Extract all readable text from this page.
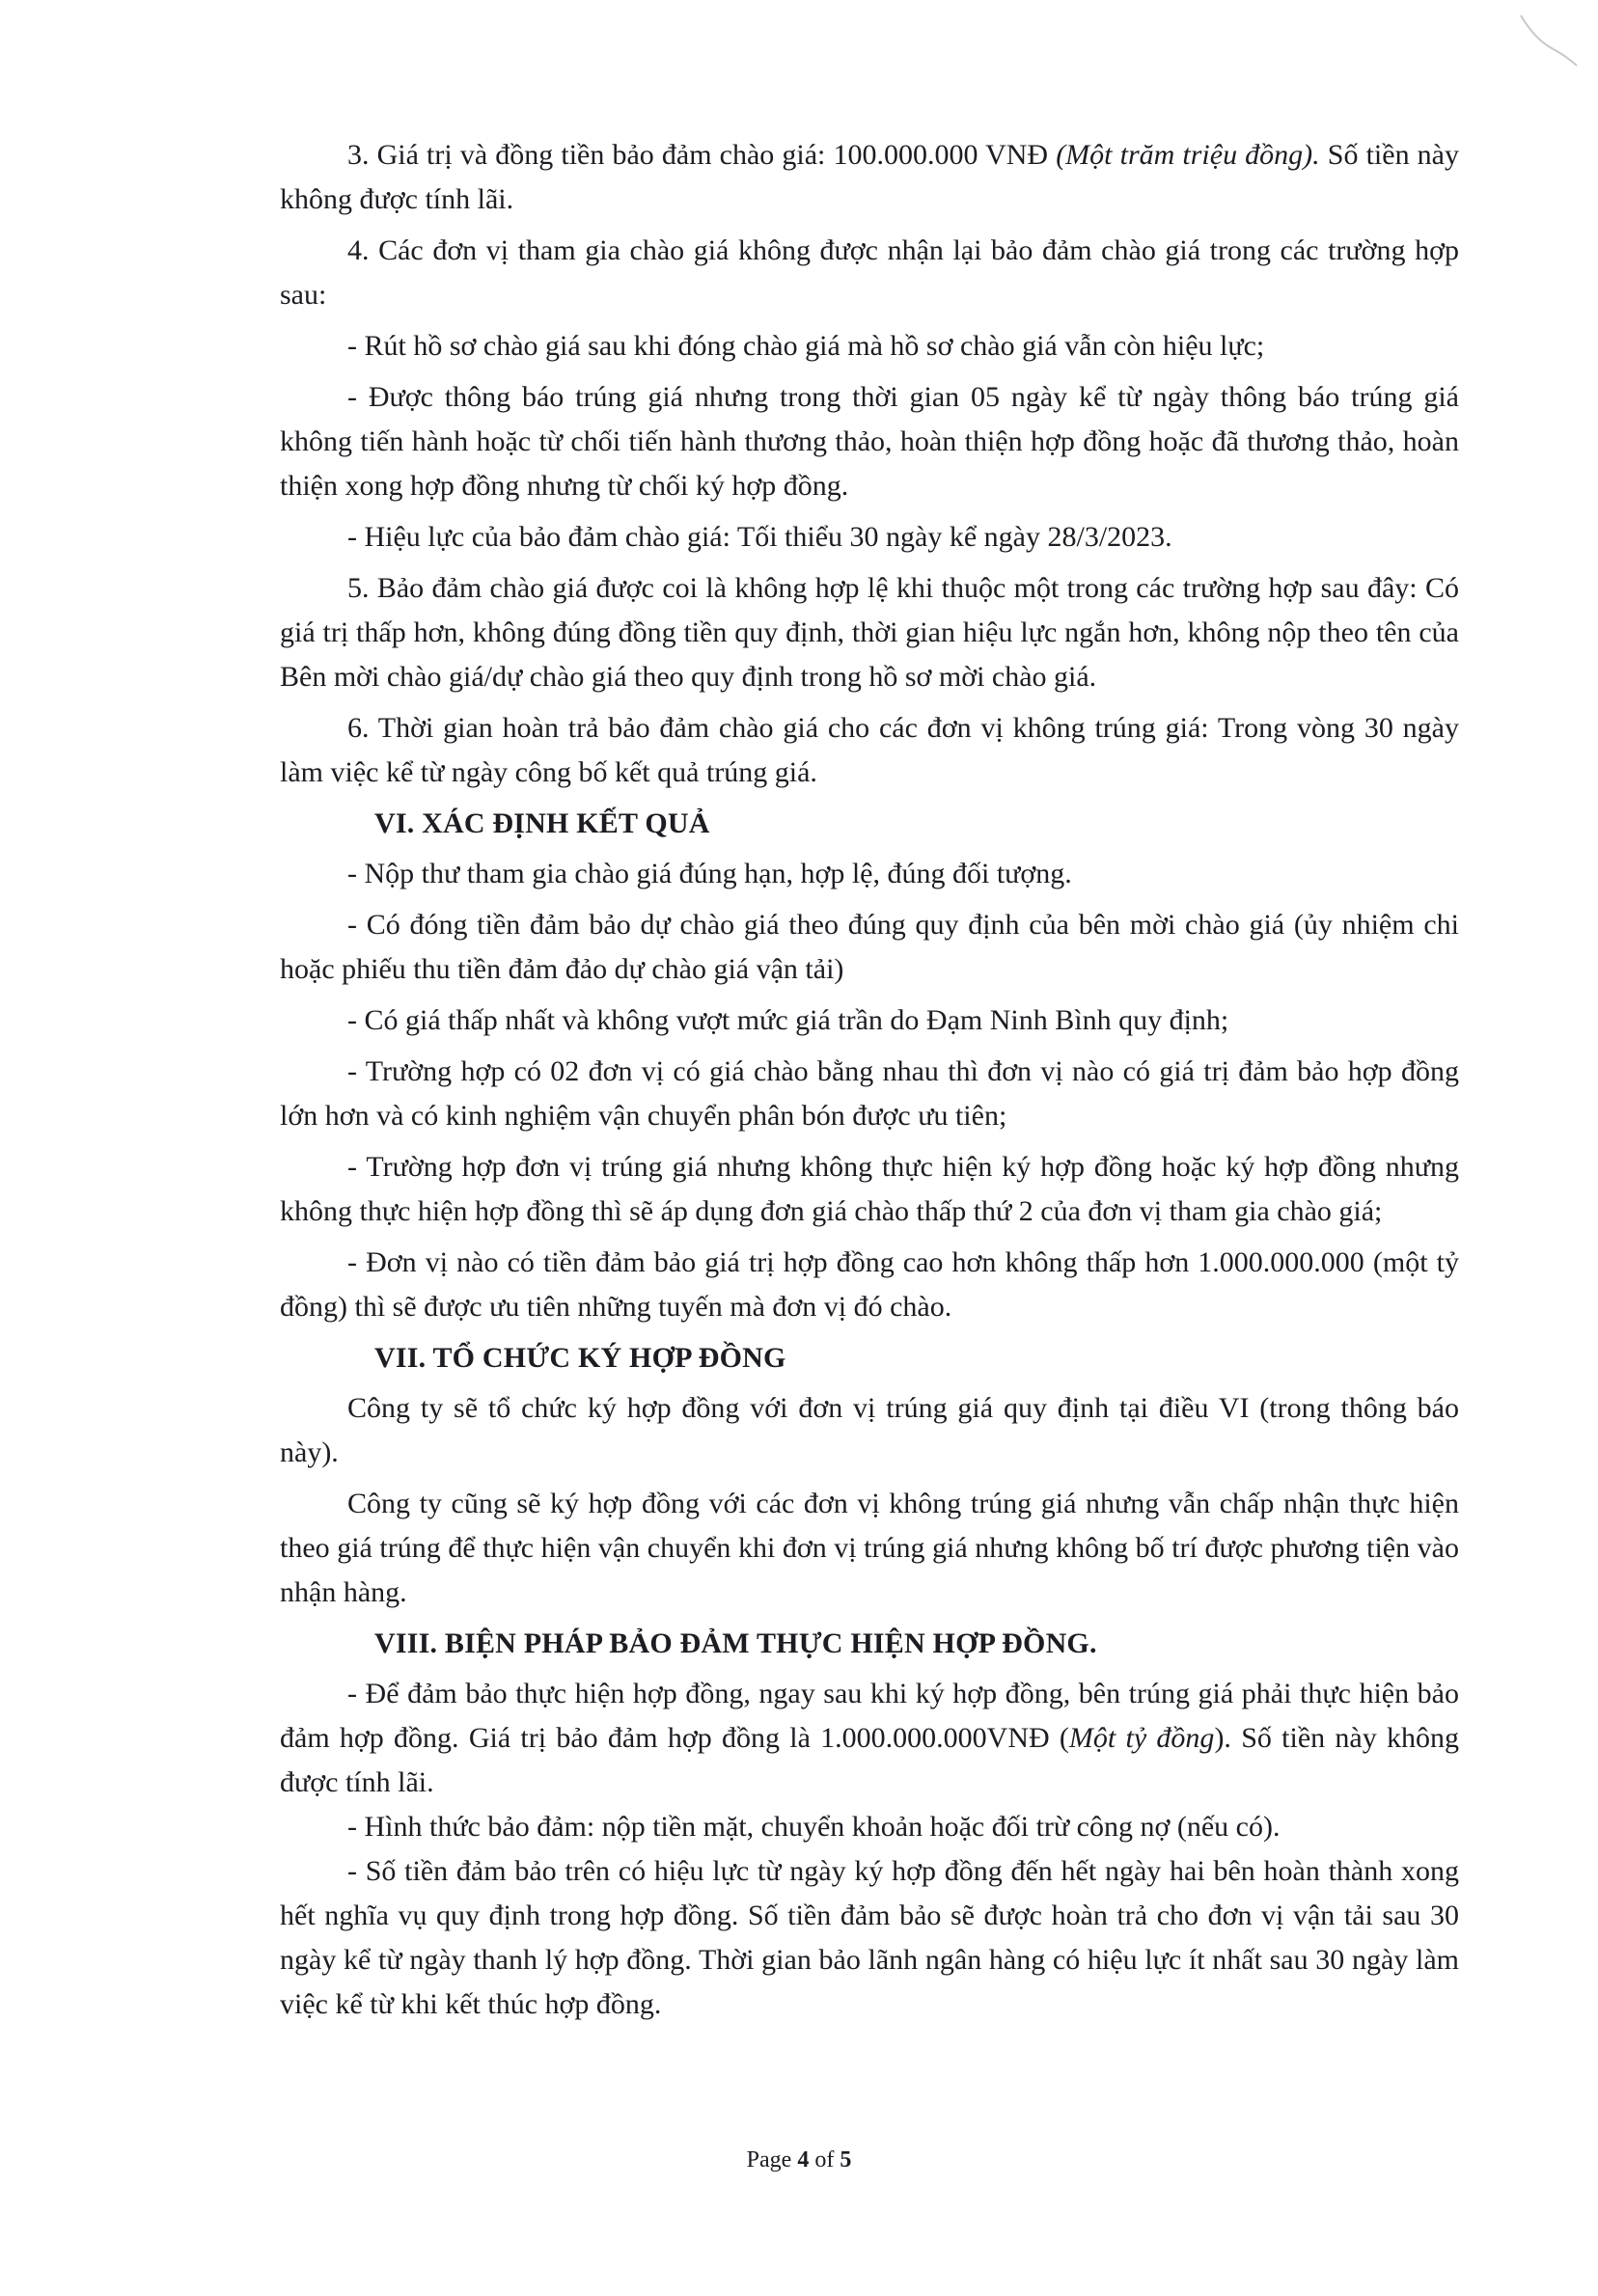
3. Giá trị và đồng tiền bảo đảm chào giá: 100.000.000 VNĐ (Một trăm triệu đồng). Số tiền này không được tính lãi.

4. Các đơn vị tham gia chào giá không được nhận lại bảo đảm chào giá trong các trường hợp sau:

- Rút hồ sơ chào giá sau khi đóng chào giá mà hồ sơ chào giá vẫn còn hiệu lực;

- Được thông báo trúng giá nhưng trong thời gian 05 ngày kể từ ngày thông báo trúng giá không tiến hành hoặc từ chối tiến hành thương thảo, hoàn thiện hợp đồng hoặc đã thương thảo, hoàn thiện xong hợp đồng nhưng từ chối ký hợp đồng.

- Hiệu lực của bảo đảm chào giá: Tối thiểu 30 ngày kể ngày 28/3/2023.

5. Bảo đảm chào giá được coi là không hợp lệ khi thuộc một trong các trường hợp sau đây: Có giá trị thấp hơn, không đúng đồng tiền quy định, thời gian hiệu lực ngắn hơn, không nộp theo tên của Bên mời chào giá/dự chào giá theo quy định trong hồ sơ mời chào giá.

6. Thời gian hoàn trả bảo đảm chào giá cho các đơn vị không trúng giá: Trong vòng 30 ngày làm việc kể từ ngày công bố kết quả trúng giá.

VI. XÁC ĐỊNH KẾT QUẢ

- Nộp thư tham gia chào giá đúng hạn, hợp lệ, đúng đối tượng.

- Có đóng tiền đảm bảo dự chào giá theo đúng quy định của bên mời chào giá (ủy nhiệm chi hoặc phiếu thu tiền đảm đảo dự chào giá vận tải)

- Có giá thấp nhất và không vượt mức giá trần do Đạm Ninh Bình quy định;

- Trường hợp có 02 đơn vị có giá chào bằng nhau thì đơn vị nào có giá trị đảm bảo hợp đồng lớn hơn và có kinh nghiệm vận chuyển phân bón được ưu tiên;

- Trường hợp đơn vị trúng giá nhưng không thực hiện ký hợp đồng hoặc ký hợp đồng nhưng không thực hiện hợp đồng thì sẽ áp dụng đơn giá chào thấp thứ 2 của đơn vị tham gia chào giá;

- Đơn vị nào có tiền đảm bảo giá trị hợp đồng cao hơn không thấp hơn 1.000.000.000 (một tỷ đồng) thì sẽ được ưu tiên những tuyến mà đơn vị đó chào.

VII. TỔ CHỨC KÝ HỢP ĐỒNG

Công ty sẽ tổ chức ký hợp đồng với đơn vị trúng giá quy định tại điều VI (trong thông báo này).

Công ty cũng sẽ ký hợp đồng với các đơn vị không trúng giá nhưng vẫn chấp nhận thực hiện theo giá trúng để thực hiện vận chuyển khi đơn vị trúng giá nhưng không bố trí được phương tiện vào nhận hàng.

VIII. BIỆN PHÁP BẢO ĐẢM THỰC HIỆN HỢP ĐỒNG.

- Để đảm bảo thực hiện hợp đồng, ngay sau khi ký hợp đồng, bên trúng giá phải thực hiện bảo đảm hợp đồng. Giá trị bảo đảm hợp đồng là 1.000.000.000VNĐ (Một tỷ đồng). Số tiền này không được tính lãi.

- Hình thức bảo đảm: nộp tiền mặt, chuyển khoản hoặc đối trừ công nợ (nếu có).

- Số tiền đảm bảo trên có hiệu lực từ ngày ký hợp đồng đến hết ngày hai bên hoàn thành xong hết nghĩa vụ quy định trong hợp đồng. Số tiền đảm bảo sẽ được hoàn trả cho đơn vị vận tải sau 30 ngày kể từ ngày thanh lý hợp đồng. Thời gian bảo lãnh ngân hàng có hiệu lực ít nhất sau 30 ngày làm việc kể từ khi kết thúc hợp đồng.

Page 4 of 5
